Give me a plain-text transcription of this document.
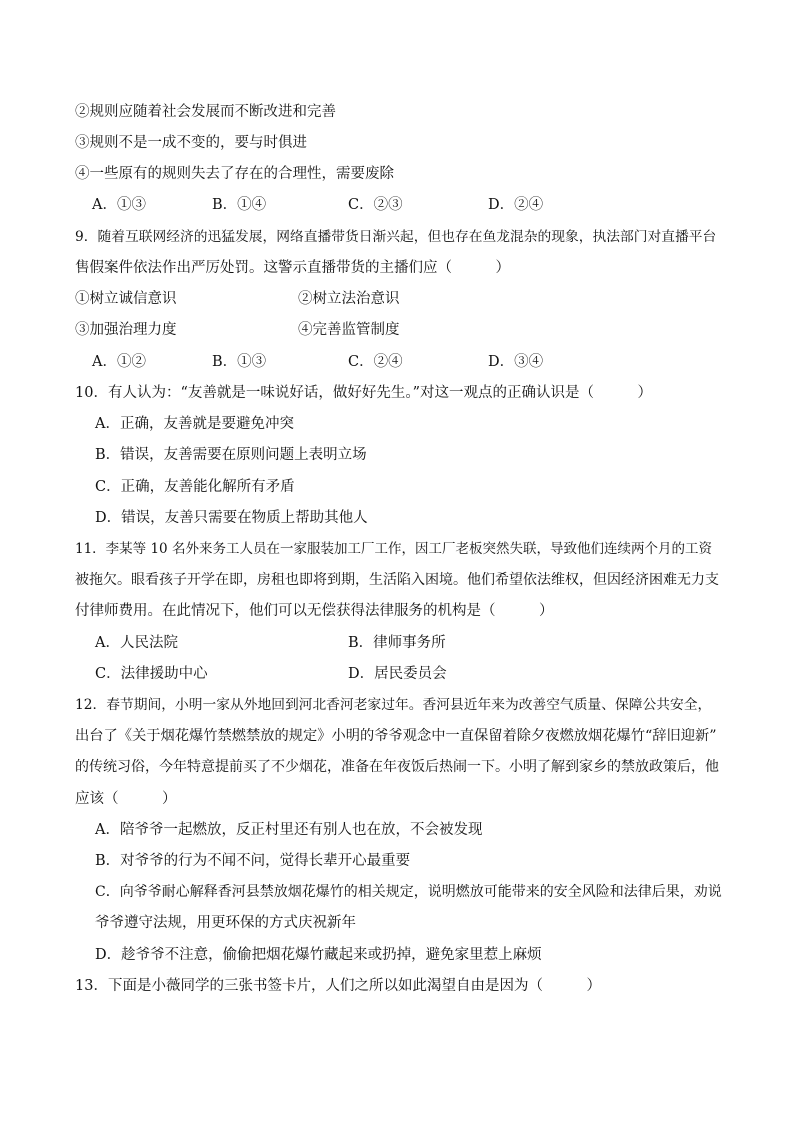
②规则应随着社会发展而不断改进和完善
③规则不是一成不变的，要与时俱进
④一些原有的规则失去了存在的合理性，需要废除
A．①③	B．①④	C．②③	D．②④
9．随着互联网经济的迅猛发展，网络直播带货日渐兴起，但也存在鱼龙混杂的现象，执法部门对直播平台
售假案件依法作出严厉处罚。这警示直播带货的主播们应（　　　）
①树立诚信意识	②树立法治意识
③加强治理力度	④完善监管制度
A．①②	B．①③	C．②④	D．③④
10．有人认为：“友善就是一味说好话，做好好先生。”对这一观点的正确认识是（　　　）
A．正确，友善就是要避免冲突
B．错误，友善需要在原则问题上表明立场
C．正确，友善能化解所有矛盾
D．错误，友善只需要在物质上帮助其他人
11．李某等 10 名外来务工人员在一家服装加工厂工作，因工厂老板突然失联，导致他们连续两个月的工资
被拖欠。眼看孩子开学在即，房租也即将到期，生活陷入困境。他们希望依法维权，但因经济困难无力支
付律师费用。在此情况下，他们可以无偿获得法律服务的机构是（　　　）
A．人民法院	B．律师事务所
C．法律援助中心	D．居民委员会
12．春节期间，小明一家从外地回到河北香河老家过年。香河县近年来为改善空气质量、保障公共安全，
出台了《关于烟花爆竹禁燃禁放的规定》小明的爷爷观念中一直保留着除夕夜燃放烟花爆竹“辞旧迎新”
的传统习俗，今年特意提前买了不少烟花，准备在年夜饭后热闹一下。小明了解到家乡的禁放政策后，他
应该（　　　）
A．陪爷爷一起燃放，反正村里还有别人也在放，不会被发现
B．对爷爷的行为不闻不问，觉得长辈开心最重要
C．向爷爷耐心解释香河县禁放烟花爆竹的相关规定，说明燃放可能带来的安全风险和法律后果，劝说
爷爷遵守法规，用更环保的方式庆祝新年
D．趁爷爷不注意，偷偷把烟花爆竹藏起来或扔掉，避免家里惹上麻烦
13．下面是小薇同学的三张书签卡片，人们之所以如此渴望自由是因为（　　　）
